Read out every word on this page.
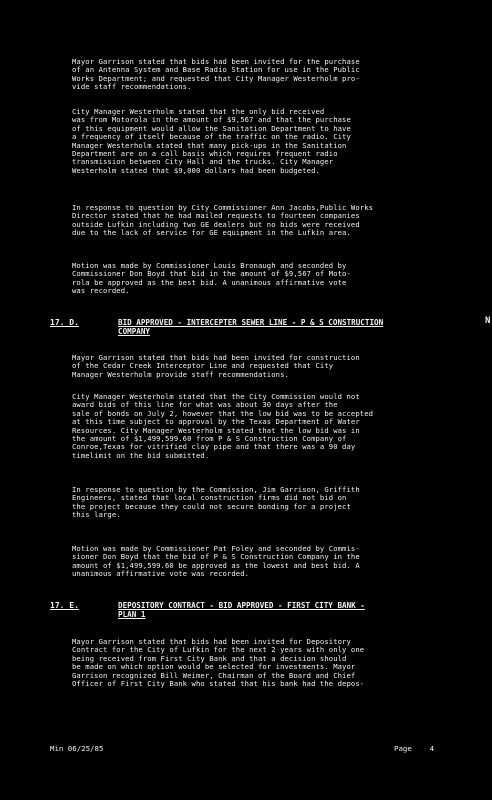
Mayor Garrison stated that bids had been invited for the purchase
of an Antenna System and Base Radio Station for use in the Public
Works Department; and requested that City Manager Westerholm pro-
vide staff recommendations.
City Manager Westerholm stated that the only bid received
was from Motorola in the amount of $9,567 and that the purchase
of this equipment would allow the Sanitation Department to have
a frequency of itself because of the traffic on the radio. City
Manager Westerholm stated that many pick-ups in the Sanitation
Department are on a call basis which requires frequent radio
transmission between City Hall and the trucks. City Manager
Westerholm stated that $9,000 dollars had been budgeted.
In response to question by City Commissioner Ann Jacobs,Public Works
Director stated that he had mailed requests to fourteen companies
outside Lufkin including two GE dealers but no bids were received
due to the lack of service for GE equipment in the Lufkin area.
Motion was made by Commissioner Louis Bronaugh and seconded by
Commissioner Don Boyd that bid in the amount of $9,567 of Moto-
rola be approved as the best bid. A unanimous affirmative vote
was recorded.
17. D.	BID APPROVED - INTERCEPTER SEWER LINE - P & S CONSTRUCTION
COMPANY
N
Mayor Garrison stated that bids had been invited for construction
of the Cedar Creek Interceptor Line and requested that City
Manager Westerholm provide staff recommendations.
City Manager Westerholm stated that the City Commission would not
award bids of this line for what was about 30 days after the
sale of bonds on July 2, however that the low bid was to be accepted
at this time subject to approval by the Texas Department of Water
Resources. City Manager Westerholm stated that the low bid was in
the amount of $1,499,599.60 from P & S Construction Company of
Conroe,Texas for vitrified clay pipe and that there was a 90 day
timelimit on the bid submitted.
In response to question by the Commission, Jim Garrison, Griffith
Engineers, stated that local construction firms did not bid on
the project because they could not secure bonding for a project
this large.
Motion was made by Commissioner Pat Foley and seconded by Commis-
sioner Don Boyd that the bid of P & S Construction Company in the
amount of $1,499,599.60 be approved as the lowest and best bid. A
unanimous affirmative vote was recorded.
17. E.	DEPOSITORY CONTRACT - BID APPROVED - FIRST CITY BANK -
PLAN 1
Mayor Garrison stated that bids had been invited for Depository
Contract for the City of Lufkin for the next 2 years with only one
being received from First City Bank and that a decision should
be made on which option would be selected for investments. Mayor
Garrison recognized Bill Weimer, Chairman of the Board and Chief
Officer of First City Bank who stated that his bank had the depos-
Min 06/25/85	Page    4
